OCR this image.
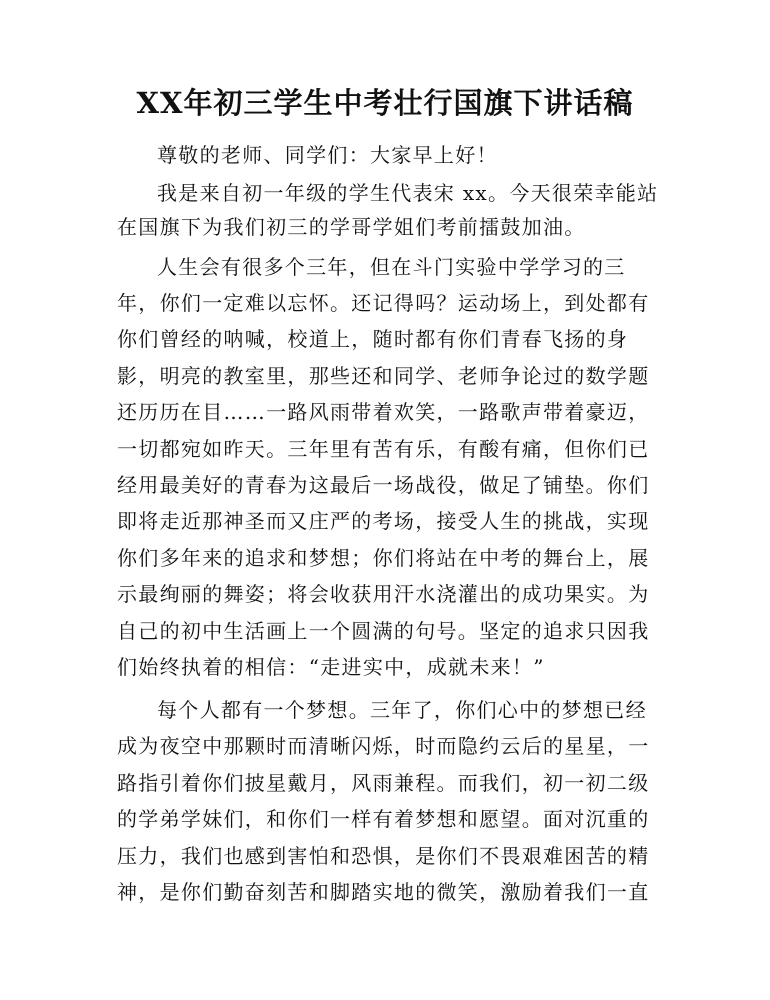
XX年初三学生中考壮行国旗下讲话稿
尊敬的老师、同学们：大家早上好！
我是来自初一年级的学生代表宋 xx。今天很荣幸能站
在国旗下为我们初三的学哥学姐们考前擂鼓加油。
人生会有很多个三年，但在斗门实验中学学习的三
年，你们一定难以忘怀。还记得吗？运动场上，到处都有
你们曾经的呐喊，校道上，随时都有你们青春飞扬的身
影，明亮的教室里，那些还和同学、老师争论过的数学题
还历历在目……一路风雨带着欢笑，一路歌声带着豪迈，
一切都宛如昨天。三年里有苦有乐，有酸有痛，但你们已
经用最美好的青春为这最后一场战役，做足了铺垫。你们
即将走近那神圣而又庄严的考场，接受人生的挑战，实现
你们多年来的追求和梦想；你们将站在中考的舞台上，展
示最绚丽的舞姿；将会收获用汗水浇灌出的成功果实。为
自己的初中生活画上一个圆满的句号。坚定的追求只因我
们始终执着的相信：“走进实中，成就未来！”
每个人都有一个梦想。三年了，你们心中的梦想已经
成为夜空中那颗时而清晰闪烁，时而隐约云后的星星，一
路指引着你们披星戴月，风雨兼程。而我们，初一初二级
的学弟学妹们，和你们一样有着梦想和愿望。面对沉重的
压力，我们也感到害怕和恐惧，是你们不畏艰难困苦的精
神，是你们勤奋刻苦和脚踏实地的微笑，激励着我们一直
